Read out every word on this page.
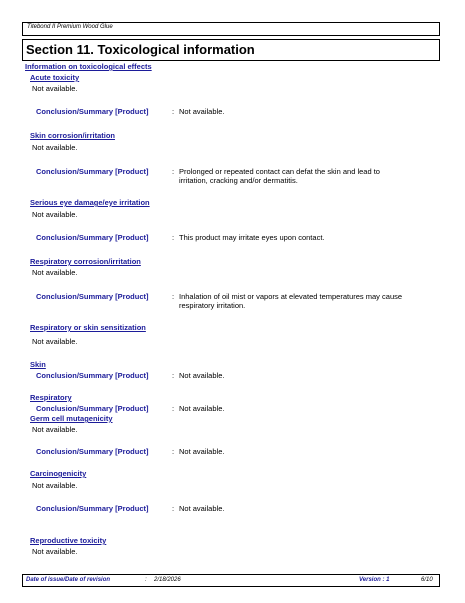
Titebond II Premium Wood Glue
Section 11. Toxicological information
Information on toxicological effects
Acute toxicity
Not available.
Conclusion/Summary [Product]	: Not available.
Skin corrosion/irritation
Not available.
Conclusion/Summary [Product]	: Prolonged or repeated contact can defat the skin and lead to irritation, cracking and/or dermatitis.
Serious eye damage/eye irritation
Not available.
Conclusion/Summary [Product]	: This product may irritate eyes upon contact.
Respiratory corrosion/irritation
Not available.
Conclusion/Summary [Product]	: Inhalation of oil mist or vapors at elevated temperatures may cause respiratory irritation.
Respiratory or skin sensitization
Not available.
Skin
Conclusion/Summary [Product]	: Not available.
Respiratory
Conclusion/Summary [Product]	: Not available.
Germ cell mutagenicity
Not available.
Conclusion/Summary [Product]	: Not available.
Carcinogenicity
Not available.
Conclusion/Summary [Product]	: Not available.
Reproductive toxicity
Not available.
Date of issue/Date of revision	: 2/18/2026	Version : 1	6/10
